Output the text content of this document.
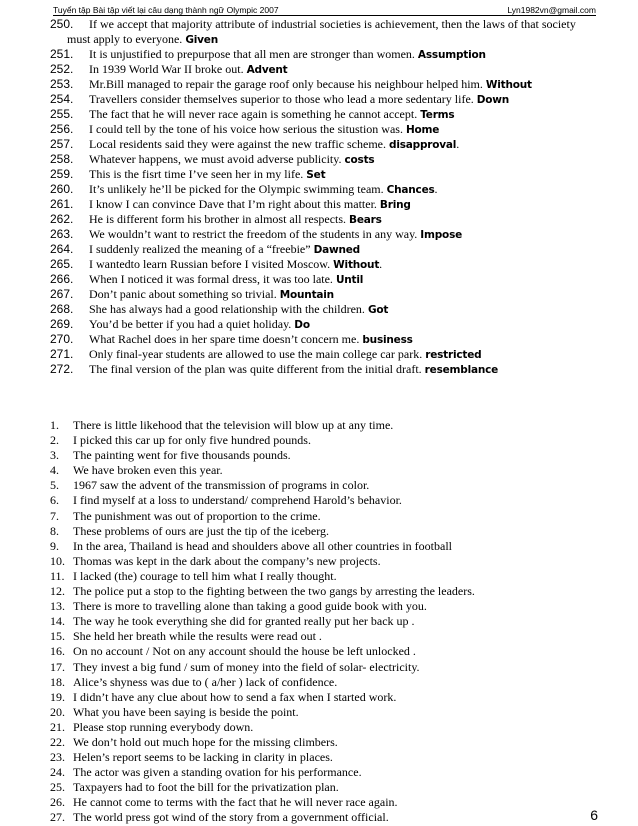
Tuyển tập Bài tập viết lại câu dạng thành ngữ Olympic 2007	Lyn1982vn@gmail.com
250. If we accept that majority attribute of industrial societies is achievement, then the laws of that society
must apply to everyone. Given
251. It is unjustified to prepurpose that all men are stronger than women. Assumption
252. In 1939 World War II broke out. Advent
253. Mr.Bill managed to repair the garage roof only because his neighbour helped him. Without
254. Travellers consider themselves superior to those who lead a more sedentary life. Down
255. The fact that he will never race again is something he cannot accept. Terms
256. I could tell by the tone of his voice how serious the situstion was. Home
257. Local residents said they were against the new traffic scheme. disapproval.
258. Whatever happens, we must avoid adverse publicity. costs
259. This is the fisrt time I’ve seen her in my life. Set
260. It’s unlikely he’ll be picked for the Olympic swimming team. Chances.
261. I know I can convince Dave that I’m right about this matter. Bring
262. He is different form his brother in almost all respects. Bears
263. We wouldn’t want to restrict the freedom of the students in any way. Impose
264. I suddenly realized the meaning of a “freebie” Dawned
265. I wantedto learn Russian before I visited Moscow. Without.
266. When I noticed it was formal dress, it was too late. Until
267. Don’t panic about something so trivial. Mountain
268. She has always had a good relationship with the children. Got
269. You’d be better if you had a quiet holiday. Do
270. What Rachel does in her spare time doesn’t concern me. business
271. Only final-year students are allowed to use the main college car park. restricted
272. The final version of the plan was quite different from the initial draft. resemblance
1. There is little likehood that the television will blow up at any time.
2. I picked this car up for only five hundred pounds.
3. The painting went for five thousands pounds.
4. We have broken even this year.
5. 1967 saw the advent of the transmission of programs in color.
6. I find myself at a loss to understand/ comprehend Harold’s behavior.
7. The punishment was out of proportion to the crime.
8. These problems of ours are just the tip of the iceberg.
9. In the area, Thailand is head and shoulders above all other countries in football
10. Thomas was kept in the dark about the company’s new projects.
11. I lacked (the) courage to tell him what I really thought.
12. The police put a stop to the fighting between the two gangs by arresting the leaders.
13. There is more to travelling alone than taking a good guide book with you.
14. The way he took everything she did for granted really put her back up .
15. She held her breath while the results were read out .
16. On no account / Not on any account should the house be left unlocked .
17. They invest a big fund / sum of money into the field of solar- electricity.
18. Alice’s shyness was due to ( a/her ) lack of confidence.
19. I didn’t have any clue about how to send a fax when I started work.
20. What you have been saying is beside the point.
21. Please stop running everybody down.
22. We don’t hold out much hope for the missing climbers.
23. Helen’s report seems to be lacking in clarity in places.
24. The actor was given a standing ovation for his performance.
25. Taxpayers had to foot the bill for the privatization plan.
26. He cannot come to terms with the fact that he will never race again.
27. The world press got wind of the story from a government official.	6
